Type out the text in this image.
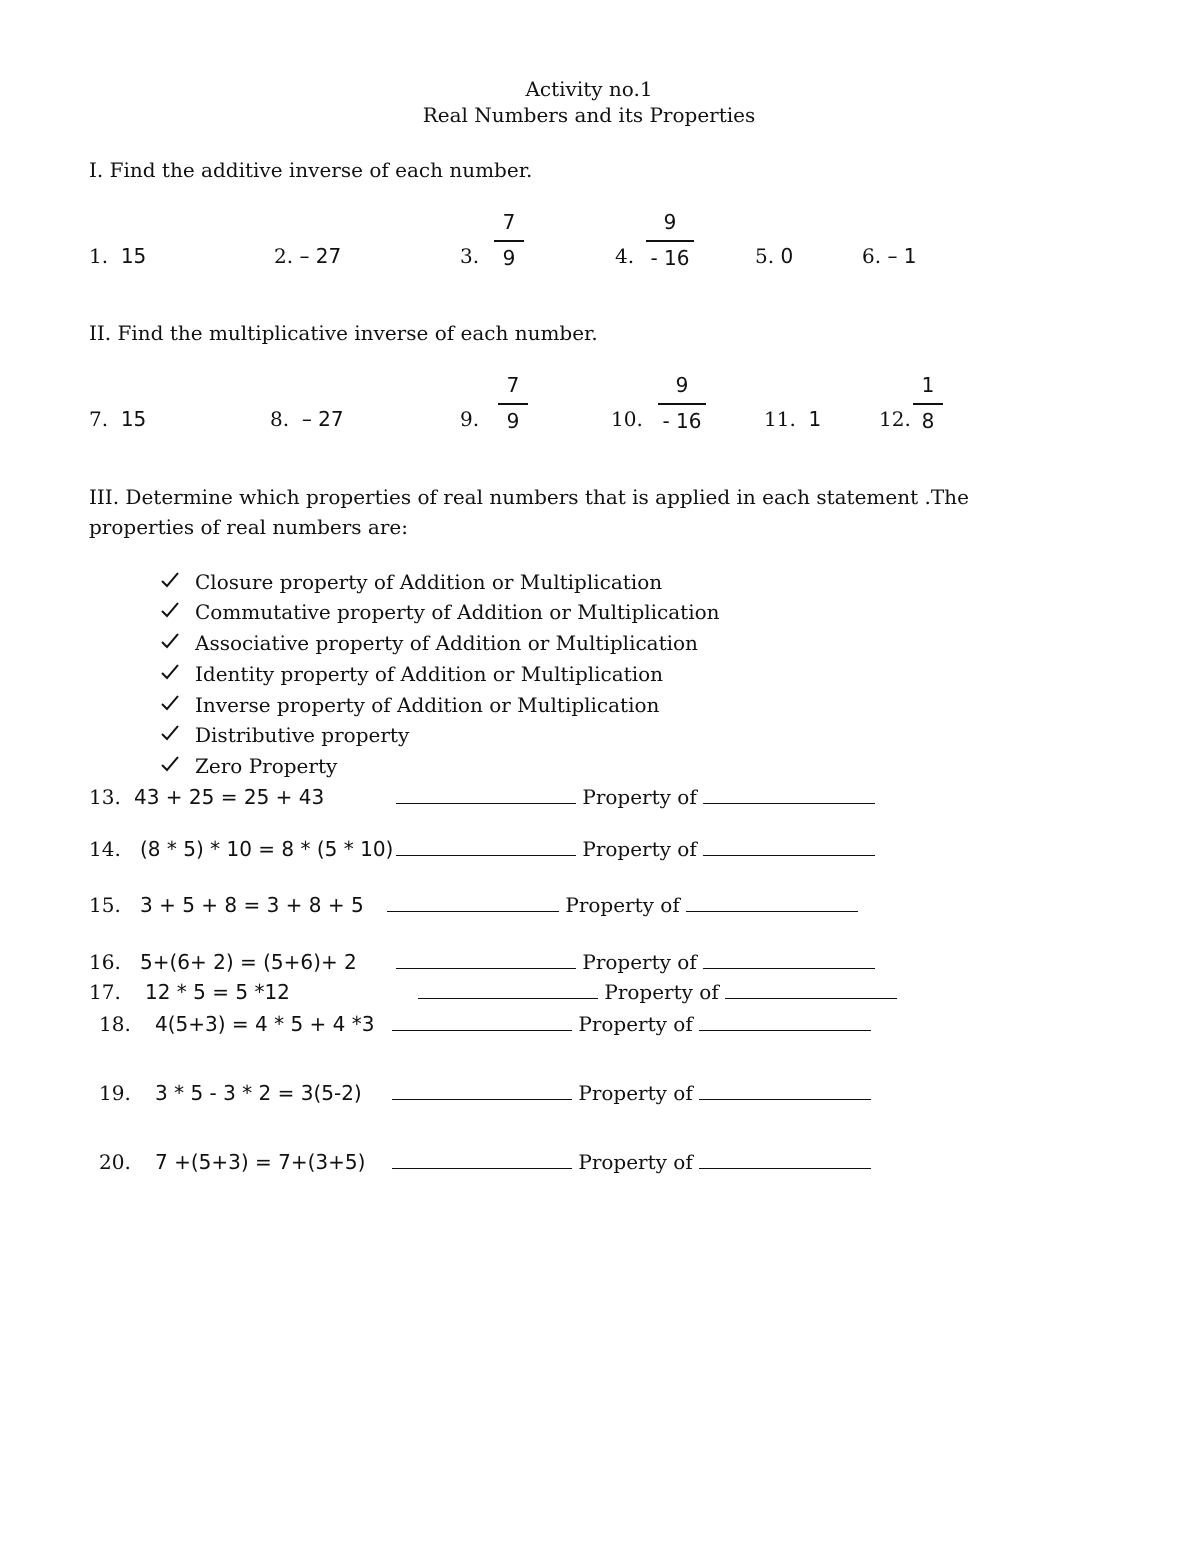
Activity no.1
Real Numbers and its Properties
I. Find the additive inverse of each number.
1. 15	2. – 27	3.
7
9	4.
9
- 16	5. 0	6. – 1
II. Find the multiplicative inverse of each number.
7. 15	8. – 27	9.
7
9	10.
9
- 16	11. 1	12.
1
8
III. Determine which properties of real numbers that is applied in each statement .The
properties of real numbers are:
Closure property of Addition or Multiplication
Commutative property of Addition or Multiplication
Associative property of Addition or Multiplication
Identity property of Addition or Multiplication
Inverse property of Addition or Multiplication
Distributive property
Zero Property
13. 43 + 25 = 25 + 43	Property of
14. (8 * 5) * 10 = 8 * (5 * 10)	Property of
15. 3 + 5 + 8 = 3 + 8 + 5	Property of
16. 5+(6+ 2) = (5+6)+ 2	Property of
17. 12 * 5 = 5 *12	Property of
18. 4(5+3) = 4 * 5 + 4 *3	Property of
19. 3 * 5 - 3 * 2 = 3(5-2)	Property of
20. 7 +(5+3) = 7+(3+5)	Property of
